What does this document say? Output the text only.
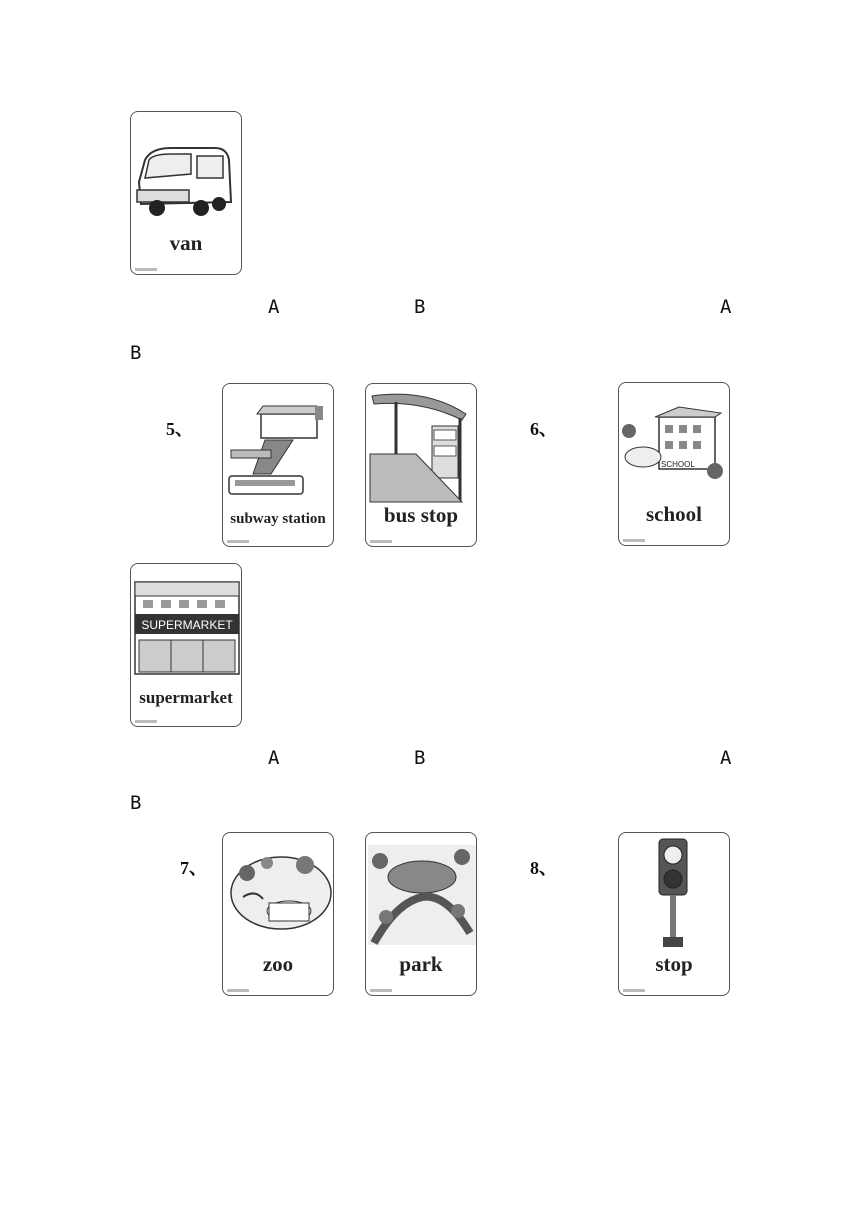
van
A	B	A
B
5、
subway station	bus stop
6、
SCHOOL
school
SUPERMARKET
supermarket
A	B	A
B
7、
zoo	park
8、
stop
